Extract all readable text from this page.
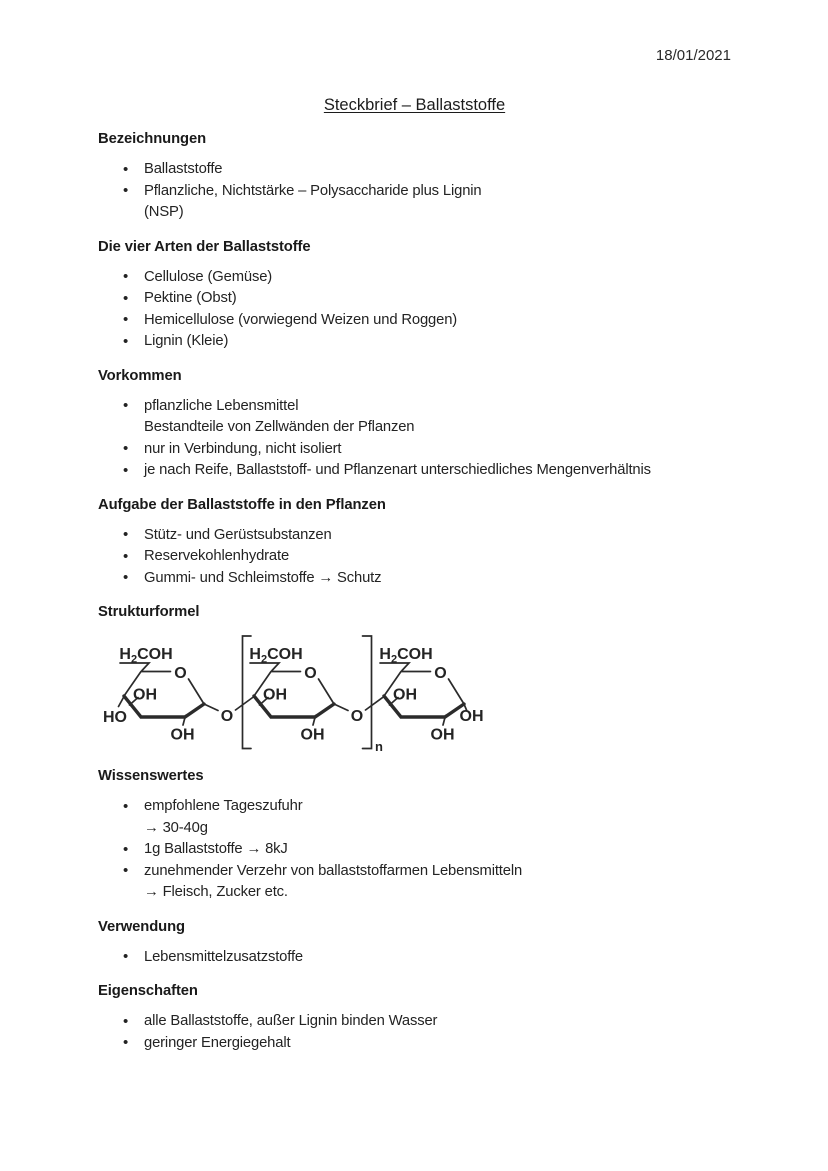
18/01/2021
Steckbrief – Ballaststoffe
Bezeichnungen
• Ballaststoffe
• Pflanzliche, Nichtstärke – Polysaccharide plus Lignin
(NSP)
Die vier Arten der Ballaststoffe
• Cellulose (Gemüse)
• Pektine (Obst)
• Hemicellulose (vorwiegend Weizen und Roggen)
• Lignin (Kleie)
Vorkommen
• pflanzliche Lebensmittel
Bestandteile von Zellwänden der Pflanzen
• nur in Verbindung, nicht isoliert
• je nach Reife, Ballaststoff- und Pflanzenart unterschiedliches Mengenverhältnis
Aufgabe der Ballaststoffe in den Pflanzen
• Stütz- und Gerüstsubstanzen
• Reservekohlenhydrate
• Gummi- und Schleimstoffe → Schutz
Strukturformel
$H_2COH$
O
OH
OH
$H_2COH$
O
OH
OH
$H_2COH$
O
OH
OH
HO	O	O	OH
n
Wissenswertes
• empfohlene Tageszufuhr
→ 30-40g
• 1g Ballaststoffe → 8kJ
• zunehmender Verzehr von ballaststoffarmen Lebensmitteln
→ Fleisch, Zucker etc.
Verwendung
• Lebensmittelzusatzstoffe
Eigenschaften
• alle Ballaststoffe, außer Lignin binden Wasser
• geringer Energiegehalt
